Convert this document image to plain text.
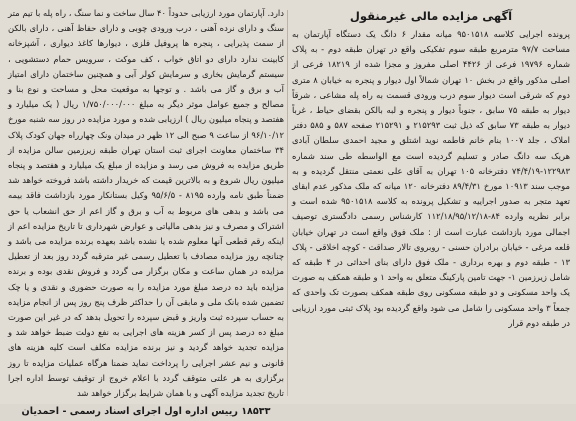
آگهی مزایده مالی غیرمنقول

پرونده اجرایی کلاسه ۹۵۰۱۵۱۸ میانه مقدار ۶ دانگ یک دستگاه آپارتمان به مساحت ۹۷/۷ مترمربع طبقه سوم تفکیکی واقع در تهران طبقه دوم - به پلاک شماره ۱۹۷۹۶ فرعی از ۴۴۲۶ اصلی مفروز و مجزا شده از ۱۸۲۱۹ فرعی از اصلی مذکور واقع در بخش ۱۰ تهران شمالاً اول دیوار و پنجره به خیابان ۸ متری دوم که شرقی است دیوار سوم درب ورودی قسمت به راه پله مشاعی ، شرقاً دیوار به طبقه ۷۵ سابق ، جنوباً دیوار و پنجره و لبه بالکن بقضای حیاط ، غرباً دیوار به طبقه ۷۳ سابق که ذیل ثبت ۲۱۵۲۹۳ و ۲۱۵۲۹۱ صفحه ۵۸۷ و ۵۸۵ دفتر املاک ، جلد ۱۰۰۷ بنام خانم فاطمه نوید اشتلق و مجید احمدی سلطان آبادی هریک سه دانگ صادر و تسلیم گردیده است مع الواسطه طی سند شماره ۱۲۲۹۸۳-۷۴/۴/۱۹ دفترخانه ۱۰۵ تهران به آقای علی نعمتی منتقل گردیده و به موجب سند ۱۰۹۱۳ مورخ ۸۹/۴/۳۱ دفترخانه ۱۲۰ میانه که ملک مذکور عدم ابقای تعهد متجر به صدور اجراییه و تشکیل پرونده به کلاسه ۹۵۰۱۵۱۸ شده است و برابر نظریه وارده ۸۴-۱۱۲/۱۸/۹۵/۱۲/۱۸ کارشناس رسمی دادگستری توصیف اجمالی مورد بازداشت عبارت است از : ملک فوق واقع است در تهران خیابان قلعه مرغی - خیابان برادران حسنی - روبروی تالار صداقت - کوچه اخلاقی - پلاک ۱۳ - طبقه دوم و بهره برداری - ملک فوق دارای بنای احداثی در ۴ طبقه که شامل زیرزمین ۱- جهت تامین پارکینگ متعلق به واحد ۱ و طبقه همکف به صورت یک واحد مسکونی و دو طبقه مسکونی روی طبقه همکف بصورت تک واحدی که جمعاً ۳ واحد مسکونی را شامل می شود واقع گردیده بود پلاک ثبتی مورد ارزیابی در طبقه دوم قرار

دارد. آپارتمان مورد ارزیابی حدوداً ۴۰ سال ساخت و نما سنگ ، راه پله با تیم متر سنگ و دارای نرده آهنی ، درب ورودی چوبی و دارای حفاظ آهنی ، دارای بالکن از سمت پذیرایی ، پنجره ها پروفیل فلزی ، دیوارها کاغذ دیواری ، آشپزخانه کابینت ندارد دارای دو اتاق خواب ، کف موکت ، سرویس حمام دستشویی ، سیستم گرمایش بخاری و سرمایش کولر آبی و همچنین ساختمان دارای امتیاز آب و برق و گاز می باشد . و توجها به موقعیت محل و مساحت و نوع بنا و مصالح و جمیع عوامل موثر دیگر به مبلغ ۱/۷۵۰/۰۰۰/۰۰۰ ریال ( یک میلیارد و هفتصد و پنجاه میلیون ریال ) ارزیابی شده و مورد مزایده در روز سه شنبه مورخ ۹۶/۱۰/۱۲ از ساعت ۹ صبح الی ۱۲ ظهر در میدان ونک چهارراه جهان کودک پلاک ۳۴ ساختمان معاونت اجرای ثبت استان تهران طبقه زیرزمین سالن مزایده از طریق مزایده به فروش می رسد و مزایده از مبلغ یک میلیارد و هفتصد و پنجاه میلیون ریال شروع و به بالاترین قیمت که خریدار داشته باشد فروخته خواهد شد ضمناً طبق نامه وارده ۸۱۹۵ - ۹۵/۶/۵ وکیل بستانکار مورد بازداشت فاقد بیمه می باشد و بدهی های مربوط به آب و برق و گاز اعم از حق انشعاب یا حق اشتراک و مصرف و نیز بدهی مالیاتی و عوارض شهرداری تا تاریخ مزایده اعم از اینکه رقم قطعی آنها معلوم شده یا نشده باشد بعهده برنده مزایده می باشد و چنانچه روز مزایده مصادف با تعطیل رسمی غیر مترقبه گردد روز بعد از تعطیل مزایده در همان ساعت و مکان برگزار می گردد و فروش نقدی بوده و برنده مزایده باید ده درصد مبلغ مورد مزایده را به صورت حضوری و نقدی و یا چک تضمین شده بانک ملی و مابقی آن را حداکثر ظرف پنج روز پس از انجام مزایده به حساب سپرده ثبت واریز و قبض سپرده را تحویل بدهد که در غیر این صورت مبلغ ده درصد پس از کسر هزینه های اجرایی به نفع دولت ضبط خواهد شد و مزایده تجدید خواهد گردید و نیز برنده مزایده مکلف است کلیه هزینه های قانونی و نیم عشر اجرایی را پرداخت نماید ضمنا هرگاه عملیات مزایده تا روز برگزاری به هر علتی متوقف گردد با اعلام خروج از توقیف توسط اداره اجرا تاریخ تجدید مزایده آگهی و با همان شرایط برگزار خواهد شد

۱۸۵۳۳ رییس اداره اول اجرای اسناد رسمی - احمدیان
